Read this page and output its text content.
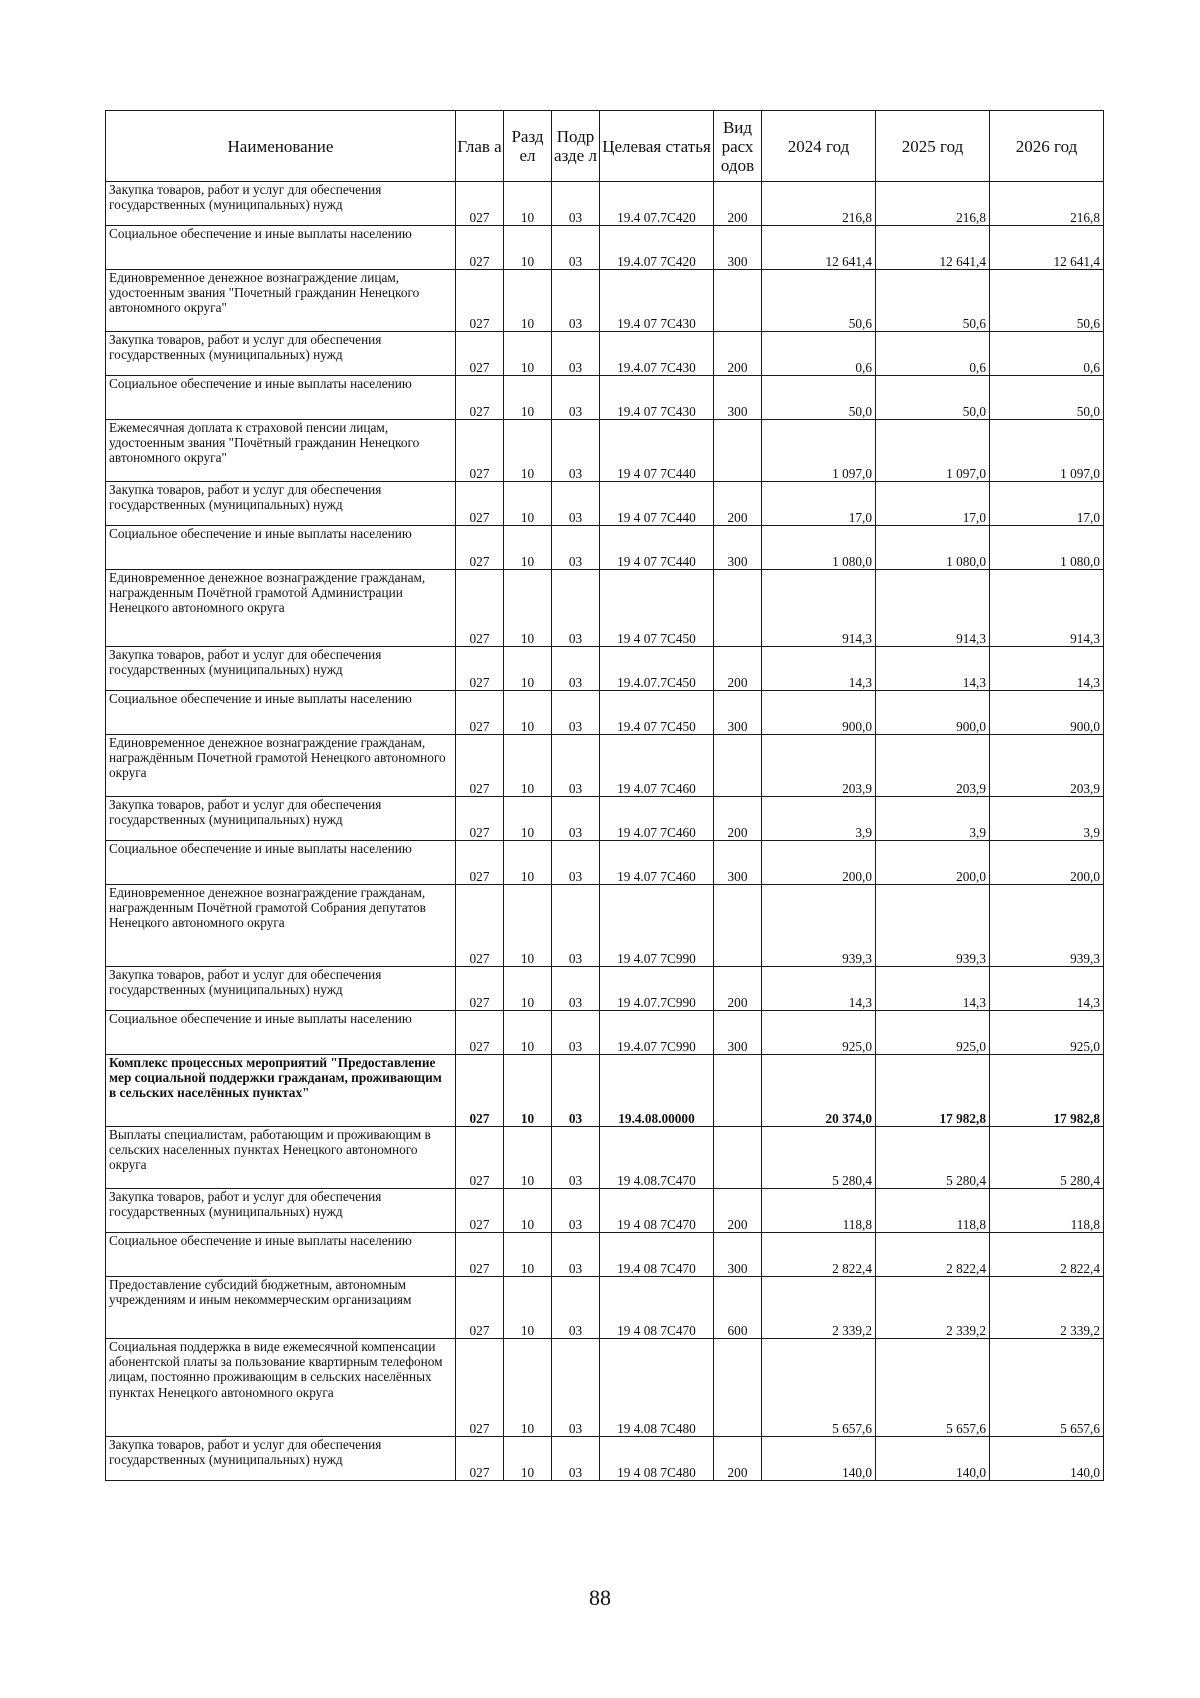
Наименование	Глав а	Разд ел	Подр азде л	Целевая статья	Вид расх одов	2024 год	2025 год	2026 год
Закупка товаров, работ и услуг для обеспечения государственных (муниципальных) нужд	027	10	03	19.4 07.7С420	200	216,8	216,8	216,8
Социальное обеспечение и иные выплаты населению	027	10	03	19.4.07 7С420	300	12 641,4	12 641,4	12 641,4
Единовременное денежное вознаграждение лицам, удостоенным звания "Почетный гражданин Ненецкого автономного округа"	027	10	03	19.4 07 7С430		50,6	50,6	50,6
Закупка товаров, работ и услуг для обеспечения государственных (муниципальных) нужд	027	10	03	19.4.07 7С430	200	0,6	0,6	0,6
Социальное обеспечение и иные выплаты населению	027	10	03	19.4 07 7С430	300	50,0	50,0	50,0
Ежемесячная доплата к страховой пенсии лицам, удостоенным звания "Почётный гражданин Ненецкого автономного округа"	027	10	03	19 4 07 7С440		1 097,0	1 097,0	1 097,0
Закупка товаров, работ и услуг для обеспечения государственных (муниципальных) нужд	027	10	03	19 4 07 7С440	200	17,0	17,0	17,0
Социальное обеспечение и иные выплаты населению	027	10	03	19 4 07 7С440	300	1 080,0	1 080,0	1 080,0
Единовременное денежное вознаграждение гражданам, награжденным Почётной грамотой Администрации Ненецкого автономного округа	027	10	03	19 4 07 7С450		914,3	914,3	914,3
Закупка товаров, работ и услуг для обеспечения государственных (муниципальных) нужд	027	10	03	19.4.07.7С450	200	14,3	14,3	14,3
Социальное обеспечение и иные выплаты населению	027	10	03	19.4 07 7С450	300	900,0	900,0	900,0
Единовременное денежное вознаграждение гражданам, награждённым Почетной грамотой Ненецкого автономного округа	027	10	03	19 4.07 7С460		203,9	203,9	203,9
Закупка товаров, работ и услуг для обеспечения государственных (муниципальных) нужд	027	10	03	19 4.07 7С460	200	3,9	3,9	3,9
Социальное обеспечение и иные выплаты населению	027	10	03	19 4.07 7С460	300	200,0	200,0	200,0
Единовременное денежное вознаграждение гражданам, награжденным Почётной грамотой Собрания депутатов Ненецкого автономного округа	027	10	03	19 4.07 7С990		939,3	939,3	939,3
Закупка товаров, работ и услуг для обеспечения государственных (муниципальных) нужд	027	10	03	19 4.07.7С990	200	14,3	14,3	14,3
Социальное обеспечение и иные выплаты населению	027	10	03	19.4.07 7С990	300	925,0	925,0	925,0
Комплекс процессных мероприятий "Предоставление мер социальной поддержки гражданам, проживающим в сельских населённых пунктах"	027	10	03	19.4.08.00000		20 374,0	17 982,8	17 982,8
Выплаты специалистам, работающим и проживающим в сельских населенных пунктах Ненецкого автономного округа	027	10	03	19 4.08.7С470		5 280,4	5 280,4	5 280,4
Закупка товаров, работ и услуг для обеспечения государственных (муниципальных) нужд	027	10	03	19 4 08 7С470	200	118,8	118,8	118,8
Социальное обеспечение и иные выплаты населению	027	10	03	19.4 08 7С470	300	2 822,4	2 822,4	2 822,4
Предоставление субсидий бюджетным, автономным учреждениям и иным некоммерческим организациям	027	10	03	19 4 08 7С470	600	2 339,2	2 339,2	2 339,2
Социальная поддержка в виде ежемесячной компенсации абонентской платы за пользование квартирным телефоном лицам, постоянно проживающим в сельских населённых пунктах Ненецкого автономного округа	027	10	03	19 4.08 7С480		5 657,6	5 657,6	5 657,6
Закупка товаров, работ и услуг для обеспечения государственных (муниципальных) нужд	027	10	03	19 4 08 7С480	200	140,0	140,0	140,0
88
